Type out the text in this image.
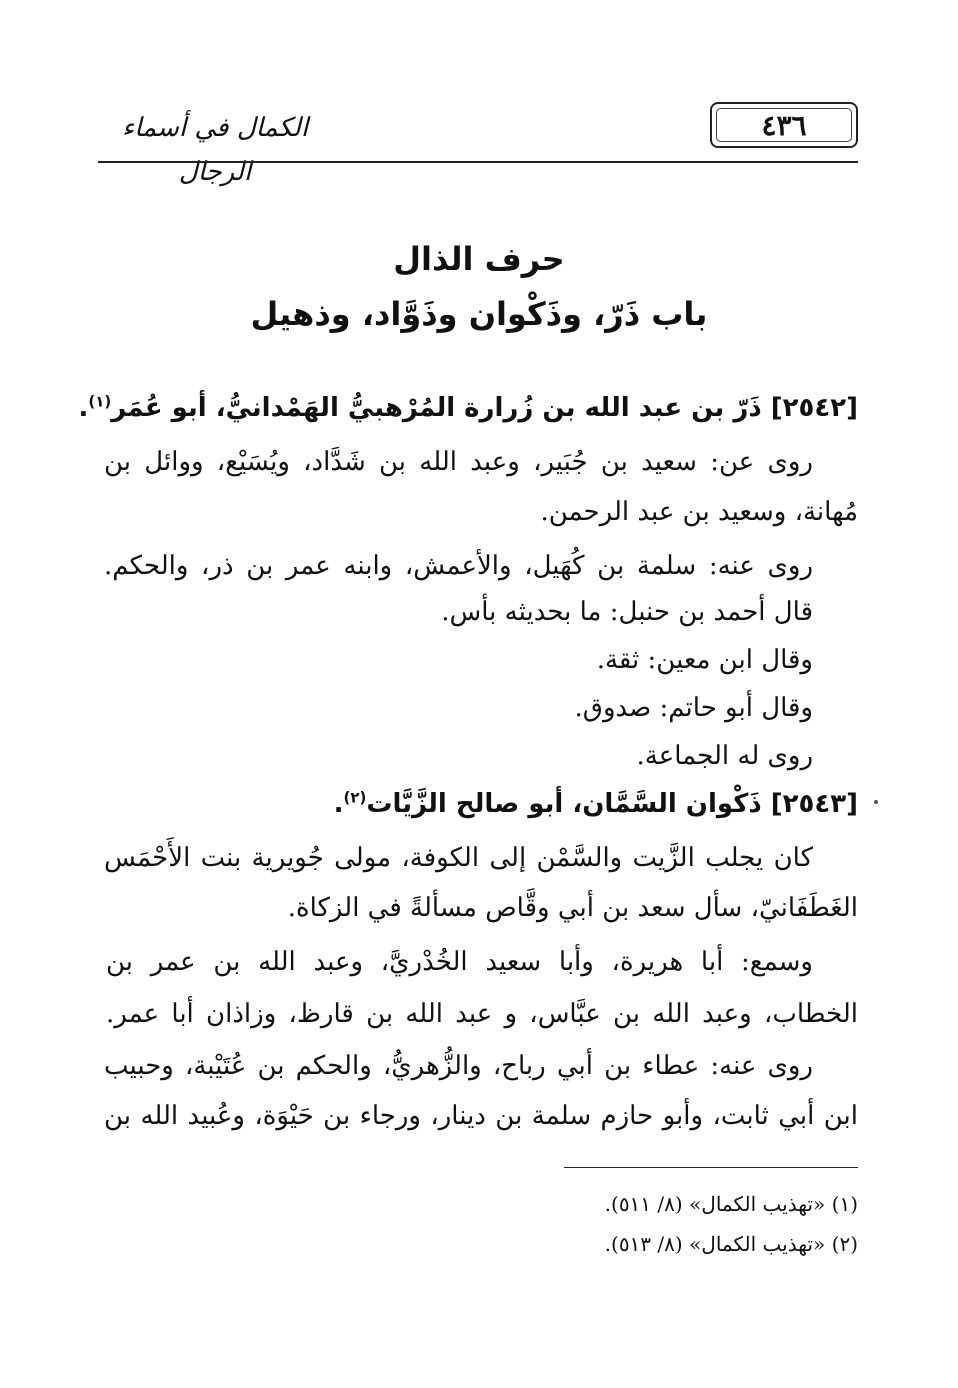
٤٣٦
الكمال في أسماء الرجال
حرف الذال
باب ذَرّ، وذَكْوان وذَوَّاد، وذهيل
[٢٥٤٢] ذَرّ بن عبد الله بن زُرارة المُرْهبيُّ الهَمْدانيُّ، أبو عُمَر$^{(١)}$.
روى عن: سعيد بن جُبَير، وعبد الله بن شَدَّاد، ويُسَيْع، ووائل بن
مُهانة، وسعيد بن عبد الرحمن.
روى عنه: سلمة بن كُهَيل، والأعمش، وابنه عمر بن ذر، والحكم.
قال أحمد بن حنبل: ما بحديثه بأس.
وقال ابن معين: ثقة.
وقال أبو حاتم: صدوق.
روى له الجماعة.
[٢٥٤٣] ذَكْوان السَّمَّان، أبو صالح الزَّيَّات$^{(٢)}$.
كان يجلب الزَّيت والسَّمْن إلى الكوفة، مولى جُويرية بنت الأَحْمَس
الغَطَفَانيّ، سأل سعد بن أبي وقَّاص مسألةً في الزكاة.
وسمع: أبا هريرة، وأبا سعيد الخُدْريَّ، وعبد الله بن عمر بن
الخطاب، وعبد الله بن عبَّاس، و عبد الله بن قارظ، وزاذان أبا عمر.
روى عنه: عطاء بن أبي رباح، والزُّهريُّ، والحكم بن عُتَيْبة، وحبيب
ابن أبي ثابت، وأبو حازم سلمة بن دينار، ورجاء بن حَيْوَة، وعُبيد الله بن
(١) «تهذيب الكمال» (٨/ ٥١١).
(٢) «تهذيب الكمال» (٨/ ٥١٣).
